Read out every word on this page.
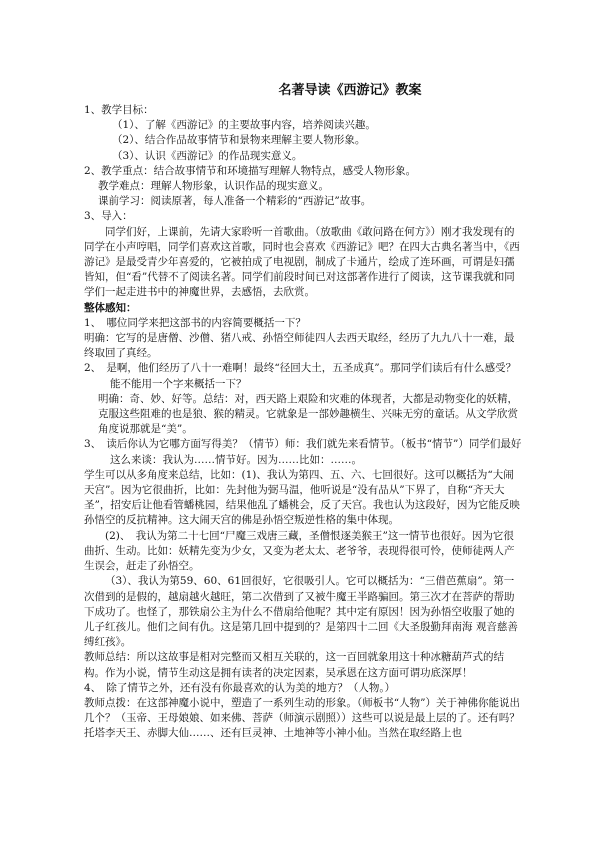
名著导读《西游记》教案

1、教学目标：

（1）、了解《西游记》的主要故事内容，培养阅读兴趣。

（2）、结合作品故事情节和景物来理解主要人物形象。

（3）、认识《西游记》的作品现实意义。

2、教学重点：结合故事情节和环境描写理解人物特点，感受人物形象。

教学难点：理解人物形象，认识作品的现实意义。

课前学习：阅读原著，每人准备一个精彩的“西游记”故事。

3、导入：

同学们好，上课前，先请大家聆听一首歌曲。（放歌曲《敢问路在何方》）刚才我发现有的同学在小声哼唱，同学们喜欢这首歌，同时也会喜欢《西游记》吧？在四大古典名著当中，《西游记》是最受青少年喜爱的，它被拍成了电视剧，制成了卡通片，绘成了连环画，可谓是妇孺皆知，但“看”代替不了阅读名著。同学们前段时间已对这部著作进行了阅读，这节课我就和同学们一起走进书中的神魔世界，去感悟，去欣赏。

整体感知：

1、　哪位同学来把这部书的内容简要概括一下？

明确：它写的是唐僧、沙僧、猪八戒、孙悟空师徒四人去西天取经，经历了九九八十一难，最终取回了真经。

2、　是啊，他们经历了八十一难啊！最终“径回大土，五圣成真”。那同学们读后有什么感受？能不能用一个字来概括一下？

明确：奇、妙、好等。总结：对，西天路上艰险和灾难的体现者，大都是动物变化的妖精，克服这些阻难的也是狼、猴的精灵。它就象是一部妙趣横生、兴味无穷的童话。从文学欣赏角度说那就是“美”。

3、　读后你认为它哪方面写得美？（情节）师：我们就先来看情节。（板书“情节”）同学们最好这么来谈：我认为……情节好。因为……比如：……。

学生可以从多角度来总结，比如：(1)、我认为第四、五、六、七回很好。这可以概括为“大闹天宫”。因为它很曲折，比如：先封他为弼马温，他听说是“没有品从”下界了，自称“齐天大圣”，招安后让他看管蟠桃园，结果他乱了蟠桃会，反了天宫。我也认为这段好，因为它能反映孙悟空的反抗精神。这大闹天宫的佛是孙悟空叛逆性格的集中体现。

(2)、　我认为第二十七回“尸魔三戏唐三藏，圣僧恨逐美猴王”这一情节也很好。因为它很曲折、生动。比如：妖精先变为少女，又变为老太太、老爷爷，表现得很可怜，使师徒两人产生误会，赶走了孙悟空。

（3）、我认为第59、60、61回很好，它很吸引人。它可以概括为：“三借芭蕉扇”。第一次借到的是假的，越扇越火越旺，第二次借到了又被牛魔王半路骗回。第三次才在菩萨的帮助下成功了。也怪了，那铁扇公主为什么不借扇给他呢？其中定有原因！因为孙悟空收服了她的儿子红孩儿。他们之间有仇。这是第几回中提到的？是第四十二回《大圣殷勤拜南海 观音慈善缚红孩》。

教师总结：所以这故事是相对完整而又相互关联的，这一百回就象用这十种冰糖葫芦式的结构。作为小说，情节生动这是拥有读者的决定因素，吴承恩在这方面可谓功底深厚！

4、　除了情节之外，还有没有你最喜欢的认为美的地方？（人物。）

教师点拨：在这部神魔小说中，塑造了一系列生动的形象。（师板书“人物”）关于神佛你能说出几个？（玉帝、王母娘娘、如来佛、菩萨（师演示剧照））这些可以说是最上层的了。还有吗？托塔李天王、赤脚大仙……、还有巨灵神、土地神等小神小仙。当然在取经路上也
